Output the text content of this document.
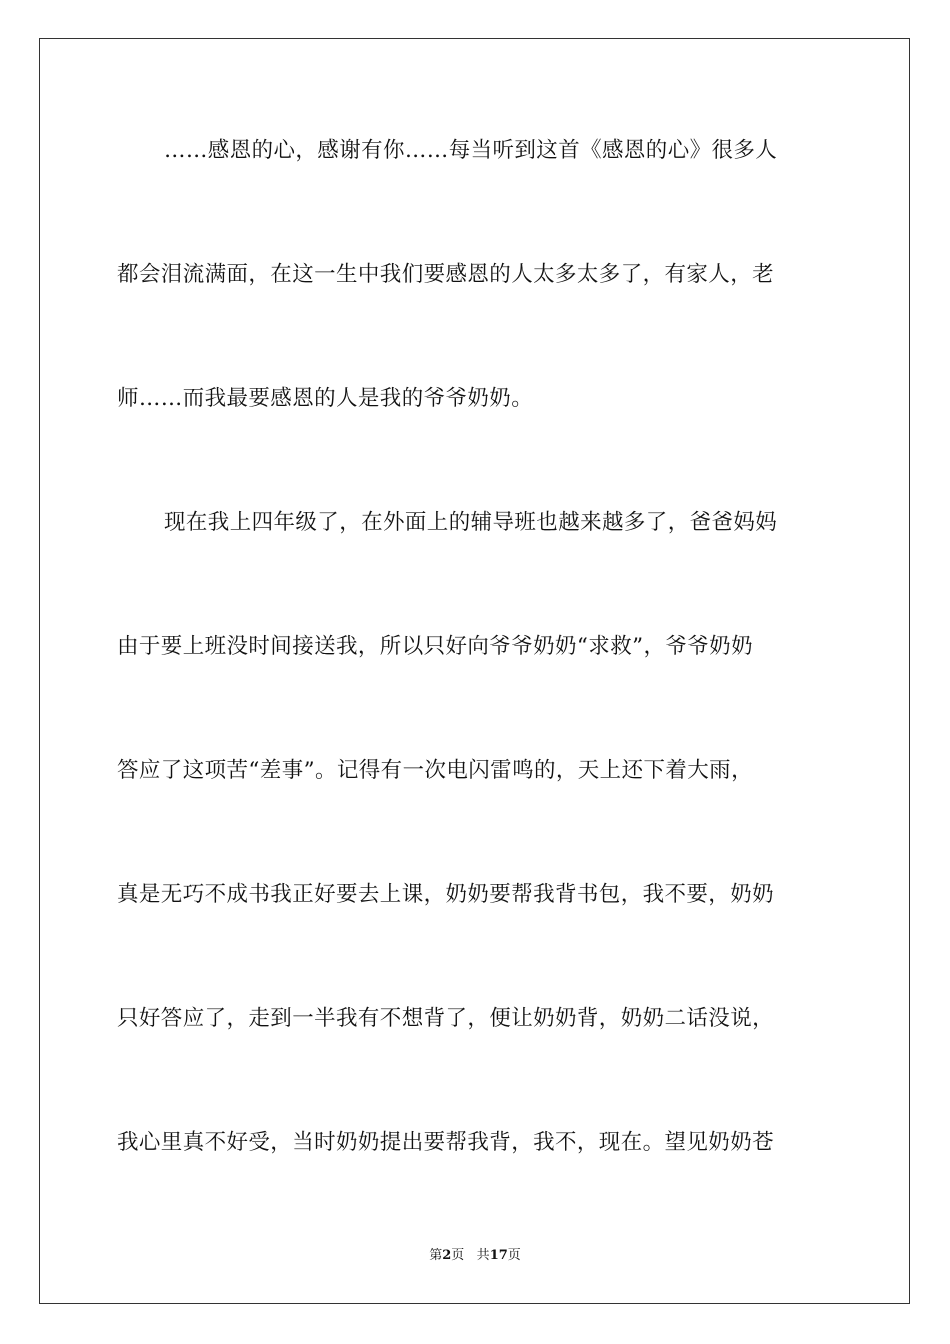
……感恩的心，感谢有你……每当听到这首《感恩的心》很多人
都会泪流满面，在这一生中我们要感恩的人太多太多了，有家人，老
师……而我最要感恩的人是我的爷爷奶奶。
现在我上四年级了，在外面上的辅导班也越来越多了，爸爸妈妈
由于要上班没时间接送我，所以只好向爷爷奶奶“求救”，爷爷奶奶
答应了这项苦“差事”。记得有一次电闪雷鸣的，天上还下着大雨，
真是无巧不成书我正好要去上课，奶奶要帮我背书包，我不要，奶奶
只好答应了，走到一半我有不想背了，便让奶奶背，奶奶二话没说，
我心里真不好受，当时奶奶提出要帮我背，我不，现在。望见奶奶苍
第2页 共17页
